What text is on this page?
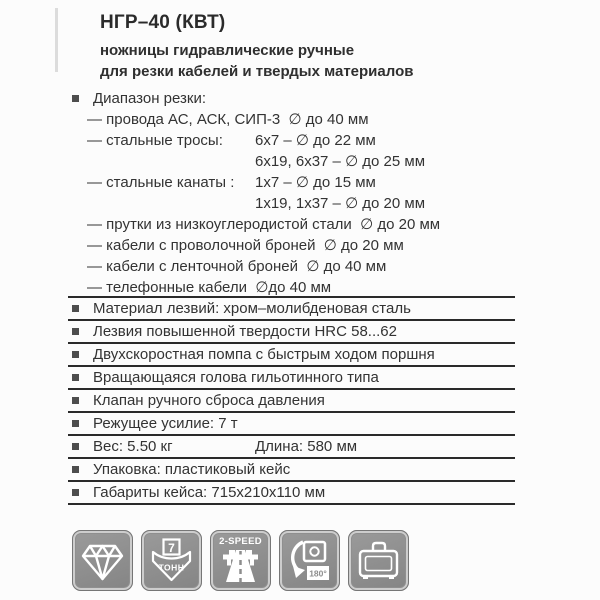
НГР–40 (КВТ)
ножницы гидравлические ручные
для резки кабелей и твердых материалов
Диапазон резки:
— провода АС, АСК, СИП-3  ∅ до 40 мм
— стальные тросы: 6х7 – ∅ до 22 мм
6х19, 6х37 – ∅ до 25 мм
— стальные канаты : 1х7 – ∅ до 15 мм
1х19, 1х37 – ∅ до 20 мм
— прутки из низкоуглеродистой стали  ∅ до 20 мм
— кабели с проволочной броней  ∅ до 20 мм
— кабели с ленточной броней  ∅ до 40 мм
— телефонные кабели  ∅до 40 мм
Материал лезвий: хром–молибденовая сталь
Лезвия повышенной твердости HRC 58...62
Двухскоростная помпа с быстрым ходом поршня
Вращающаяся голова гильотинного типа
Клапан ручного сброса давления
Режущее усилие: 7 т
Вес: 5.50 кг	Длина: 580 мм
Упаковка: пластиковый кейс
Габариты кейса: 715х210х110 мм
7
ТОНН
2-SPEED
180°
